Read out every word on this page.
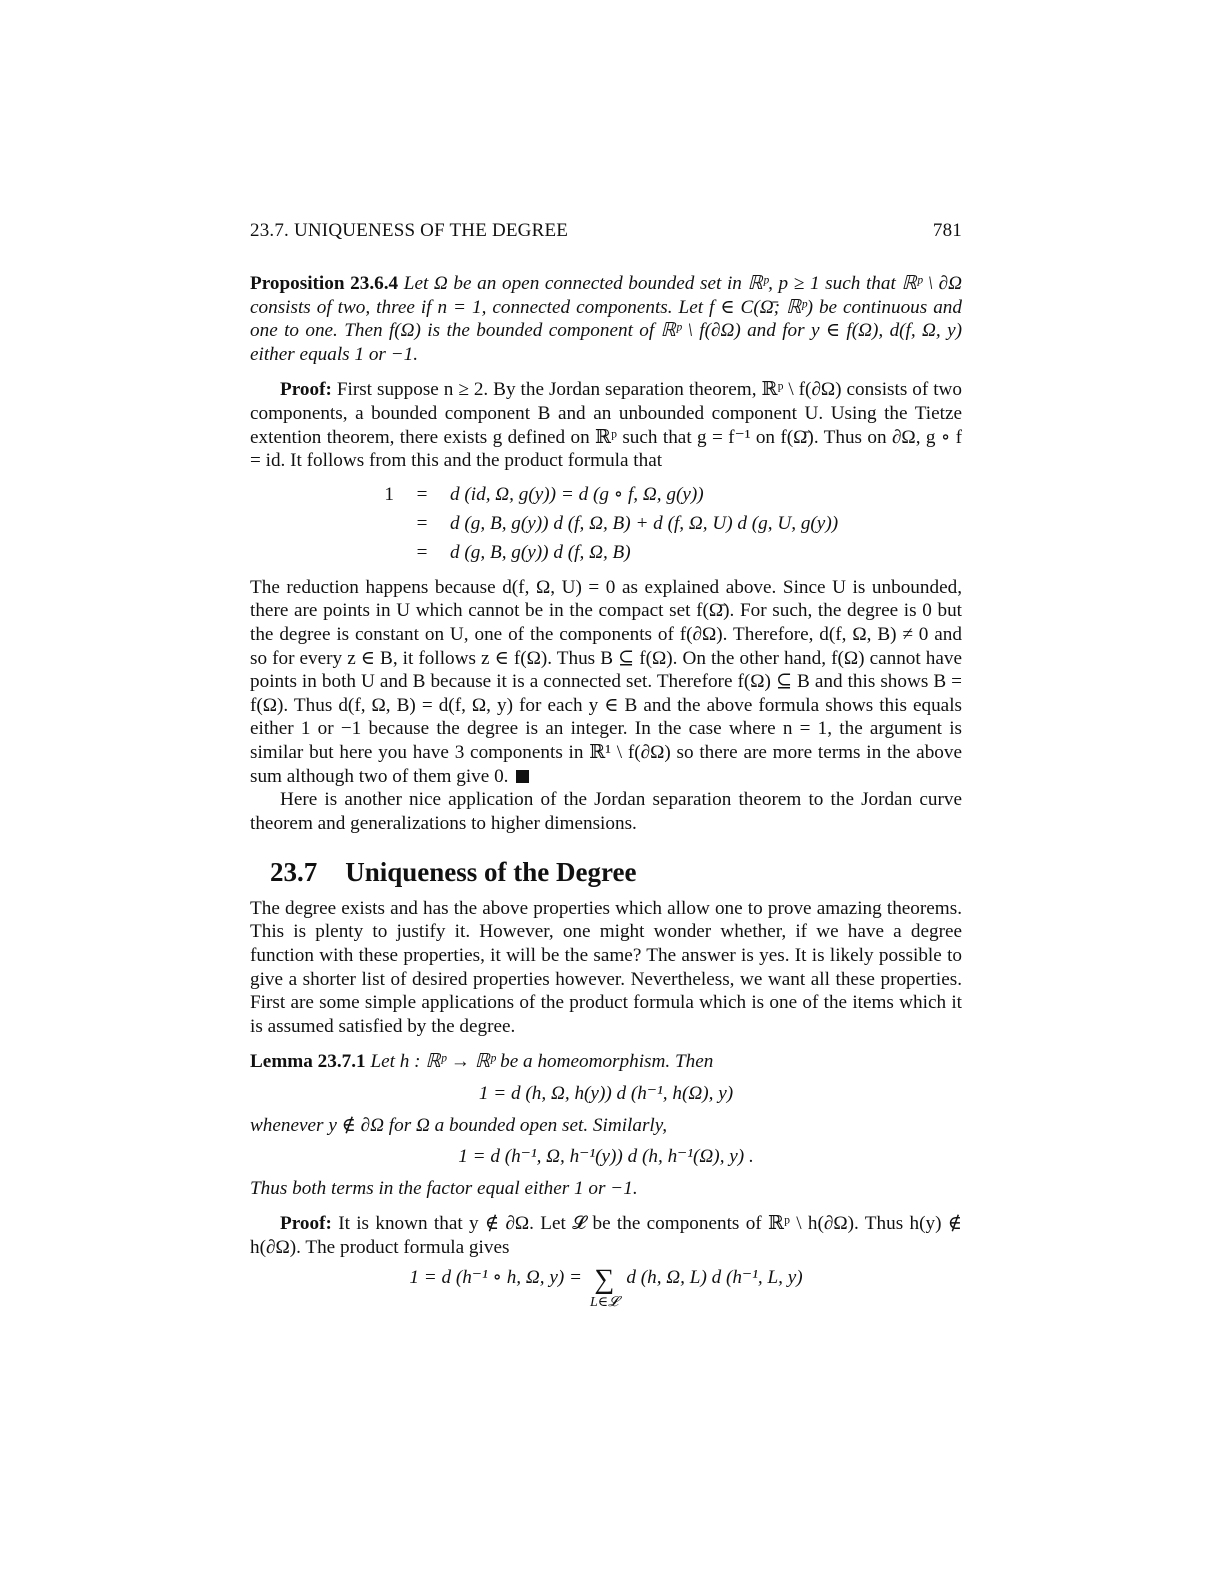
23.7. UNIQUENESS OF THE DEGREE	781

Proposition 23.6.4 Let Ω be an open connected bounded set in ℝᵖ, p ≥ 1 such that ℝᵖ \ ∂Ω consists of two, three if n = 1, connected components. Let f ∈ C(Ω̄; ℝᵖ) be continuous and one to one. Then f(Ω) is the bounded component of ℝᵖ \ f(∂Ω) and for y ∈ f(Ω), d(f, Ω, y) either equals 1 or −1.

Proof: First suppose n ≥ 2. By the Jordan separation theorem, ℝᵖ \ f(∂Ω) consists of two components, a bounded component B and an unbounded component U. Using the Tietze extention theorem, there exists g defined on ℝᵖ such that g = f⁻¹ on f(Ω̄). Thus on ∂Ω, g ∘ f = id. It follows from this and the product formula that

1	=	d (id, Ω, g(y)) = d (g ∘ f, Ω, g(y))
=	d (g, B, g(y)) d (f, Ω, B) + d (f, Ω, U) d (g, U, g(y))
=	d (g, B, g(y)) d (f, Ω, B)

The reduction happens because d(f, Ω, U) = 0 as explained above. Since U is unbounded, there are points in U which cannot be in the compact set f(Ω̄). For such, the degree is 0 but the degree is constant on U, one of the components of f(∂Ω). Therefore, d(f, Ω, B) ≠ 0 and so for every z ∈ B, it follows z ∈ f(Ω). Thus B ⊆ f(Ω). On the other hand, f(Ω) cannot have points in both U and B because it is a connected set. Therefore f(Ω) ⊆ B and this shows B = f(Ω). Thus d(f, Ω, B) = d(f, Ω, y) for each y ∈ B and the above formula shows this equals either 1 or −1 because the degree is an integer. In the case where n = 1, the argument is similar but here you have 3 components in ℝ¹ \ f(∂Ω) so there are more terms in the above sum although two of them give 0.

Here is another nice application of the Jordan separation theorem to the Jordan curve theorem and generalizations to higher dimensions.

23.7 Uniqueness of the Degree

The degree exists and has the above properties which allow one to prove amazing theorems. This is plenty to justify it. However, one might wonder whether, if we have a degree function with these properties, it will be the same? The answer is yes. It is likely possible to give a shorter list of desired properties however. Nevertheless, we want all these properties. First are some simple applications of the product formula which is one of the items which it is assumed satisfied by the degree.

Lemma 23.7.1 Let h : ℝᵖ → ℝᵖ be a homeomorphism. Then

1 = d (h, Ω, h(y)) d (h⁻¹, h(Ω), y)

whenever y ∉ ∂Ω for Ω a bounded open set. Similarly,

1 = d (h⁻¹, Ω, h⁻¹(y)) d (h, h⁻¹(Ω), y) .

Thus both terms in the factor equal either 1 or −1.

Proof: It is known that y ∉ ∂Ω. Let 𝓛 be the components of ℝᵖ \ h(∂Ω). Thus h(y) ∉ h(∂Ω). The product formula gives

1 = d (h⁻¹ ∘ h, Ω, y) = ∑
L∈𝓛
d (h, Ω, L) d (h⁻¹, L, y)
